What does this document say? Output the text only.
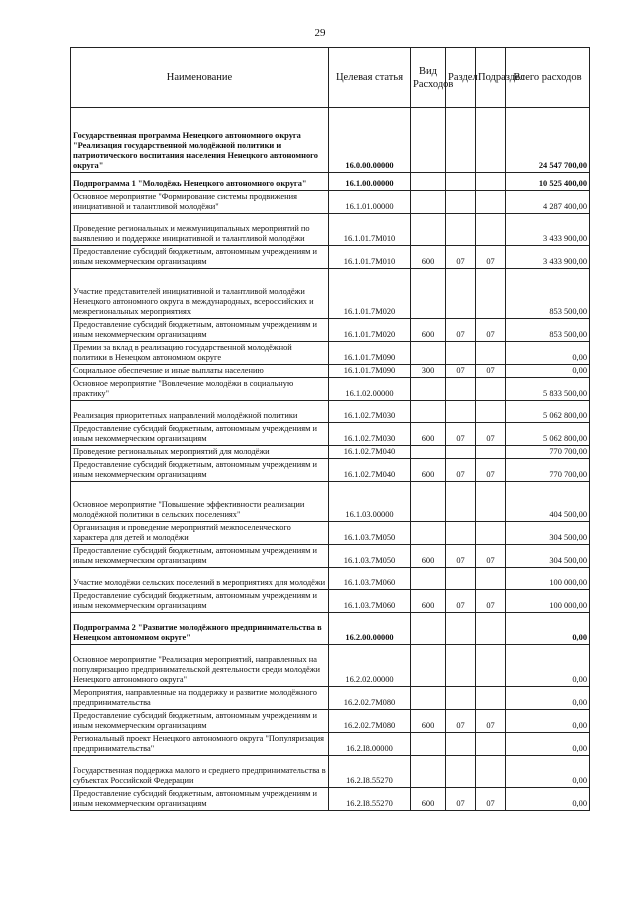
29
Наименование	Целевая статья	Вид Расходов	Раздел	Подраздел	Всего расходов
Государственная программа Ненецкого автономного округа "Реализация государственной молодёжной политики и патриотического воспитания населения Ненецкого автономного округа"	16.0.00.00000				24 547 700,00
Подпрограмма 1 "Молодёжь Ненецкого автономного округа"	16.1.00.00000				10 525 400,00
Основное мероприятие "Формирование системы продвижения инициативной и талантливой молодёжи"	16.1.01.00000				4 287 400,00
Проведение региональных и межмуниципальных мероприятий по выявлению и поддержке инициативной и талантливой молодёжи	16.1.01.7М010				3 433 900,00
Предоставление субсидий бюджетным, автономным учреждениям и иным некоммерческим организациям	16.1.01.7М010	600	07	07	3 433 900,00
Участие представителей инициативной и талантливой молодёжи Ненецкого автономного округа в международных, всероссийских и межрегиональных мероприятиях	16.1.01.7М020				853 500,00
Предоставление субсидий бюджетным, автономным учреждениям и иным некоммерческим организациям	16.1.01.7М020	600	07	07	853 500,00
Премии за вклад в реализацию государственной молодёжной политики в Ненецком автономном округе	16.1.01.7М090				0,00
Социальное обеспечение и иные выплаты населению	16.1.01.7М090	300	07	07	0,00
Основное мероприятие "Вовлечение молодёжи в социальную практику"	16.1.02.00000				5 833 500,00
Реализация приоритетных направлений молодёжной политики	16.1.02.7М030				5 062 800,00
Предоставление субсидий бюджетным, автономным учреждениям и иным некоммерческим организациям	16.1.02.7М030	600	07	07	5 062 800,00
Проведение региональных мероприятий для молодёжи	16.1.02.7М040				770 700,00
Предоставление субсидий бюджетным, автономным учреждениям и иным некоммерческим организациям	16.1.02.7М040	600	07	07	770 700,00
Основное мероприятие "Повышение эффективности реализации молодёжной политики в сельских поселениях"	16.1.03.00000				404 500,00
Организация и проведение мероприятий межпоселенческого характера для детей и молодёжи	16.1.03.7М050				304 500,00
Предоставление субсидий бюджетным, автономным учреждениям и иным некоммерческим организациям	16.1.03.7М050	600	07	07	304 500,00
Участие молодёжи сельских поселений в мероприятиях для молодёжи	16.1.03.7М060				100 000,00
Предоставление субсидий бюджетным, автономным учреждениям и иным некоммерческим организациям	16.1.03.7М060	600	07	07	100 000,00
Подпрограмма 2 "Развитие молодёжного предпринимательства в Ненецком автономном округе"	16.2.00.00000				0,00
Основное мероприятие "Реализация мероприятий, направленных на популяризацию предпринимательской деятельности среди молодёжи Ненецкого автономного округа"	16.2.02.00000				0,00
Мероприятия, направленные на поддержку и развитие молодёжного предпринимательства	16.2.02.7М080				0,00
Предоставление субсидий бюджетным, автономным учреждениям и иным некоммерческим организациям	16.2.02.7М080	600	07	07	0,00
Региональный проект Ненецкого автономного округа "Популяризация предпринимательства"	16.2.I8.00000				0,00
Государственная поддержка малого и среднего предпринимательства в субъектах Российской Федерации	16.2.I8.55270				0,00
Предоставление субсидий бюджетным, автономным учреждениям и иным некоммерческим организациям	16.2.I8.55270	600	07	07	0,00
